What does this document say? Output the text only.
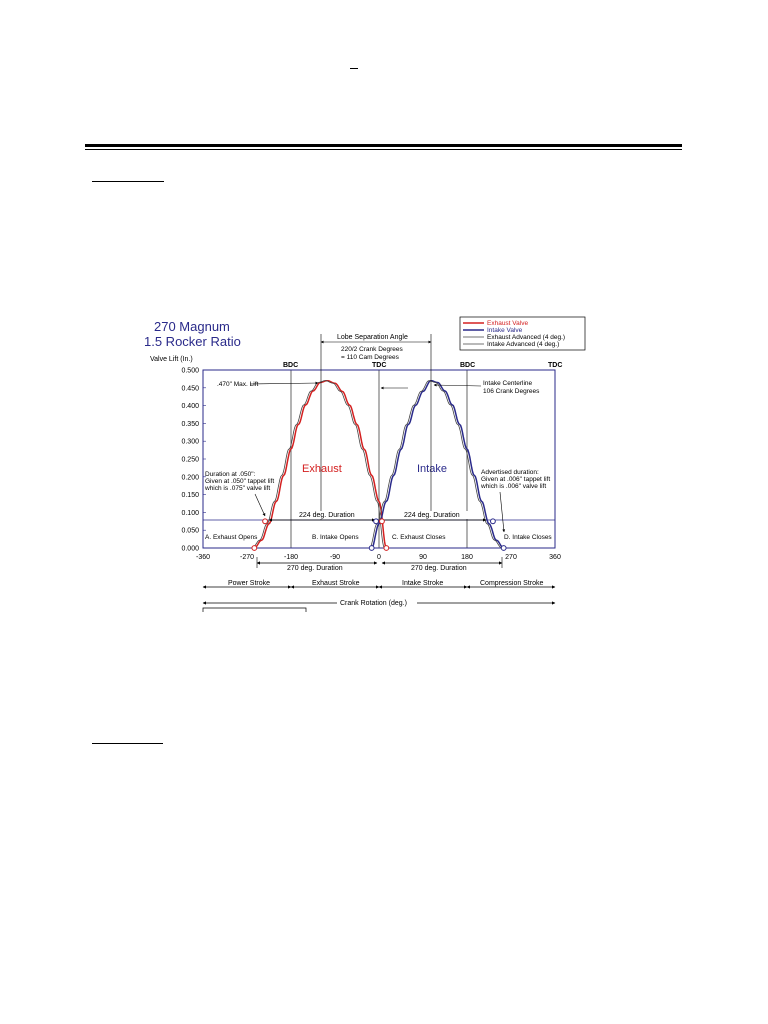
270 Magnum
1.5 Rocker Ratio
Valve Lift (In.)
0.000
0.050
0.100
0.150
0.200
0.250
0.300
0.350
0.400
0.450
0.500
-360	-270	-180	-90	0	90	180	270	360
BDC	TDC	BDC	TDC
Exhaust	Intake
.470" Max. Lift
Lobe Separation Angle
220/2 Crank Degrees
= 110 Cam Degrees
Intake Centerline
106 Crank Degrees
Duration at .050":
Given at .050" tappet lift
which is .075" valve lift
Advertised duration:
Given at .006" tappet lift
which is .006" valve lift
224 deg. Duration	224 deg. Duration
A. Exhaust Opens	B. Intake Opens	C. Exhaust Closes	D. Intake Closes
270 deg. Duration	270 deg. Duration
Power Stroke	Exhaust Stroke	Intake Stroke	Compression Stroke
Crank Rotation (deg.)
Exhaust Valve
Intake Valve
Exhaust Advanced (4 deg.)
Intake Advanced (4 deg.)
